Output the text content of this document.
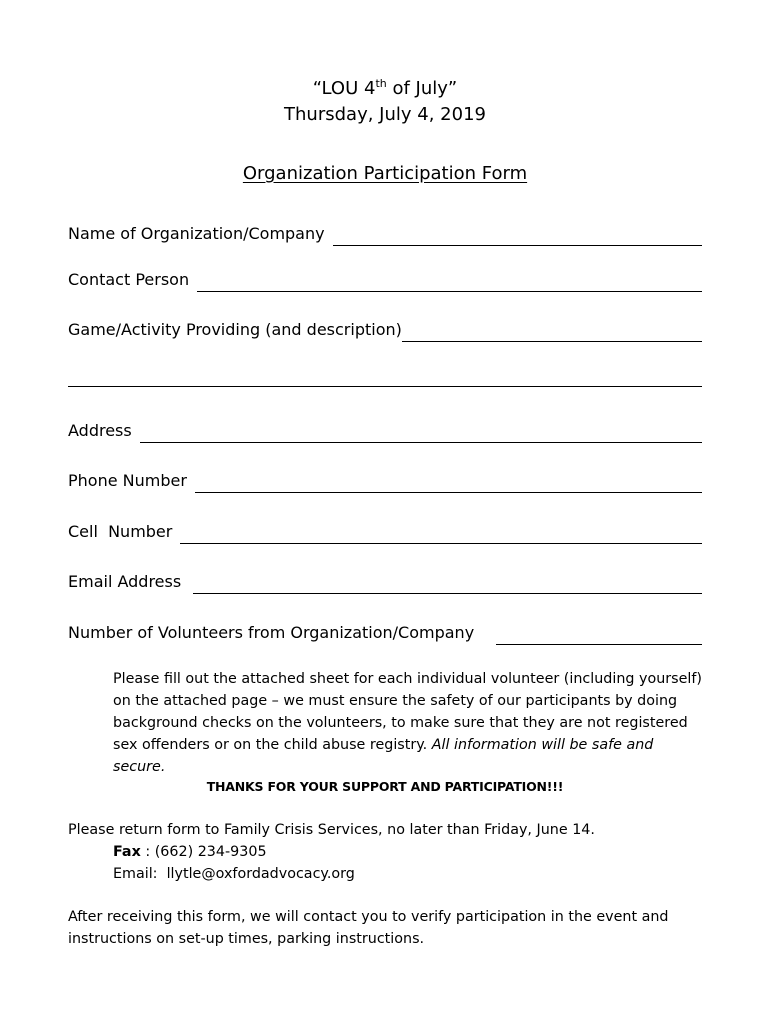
“LOU 4th of July”
Thursday, July 4, 2019
Organization Participation Form
Name of Organization/Company
Contact Person
Game/Activity Providing (and description)
Address
Phone Number
Cell  Number
Email Address
Number of Volunteers from Organization/Company
Please fill out the attached sheet for each individual volunteer (including yourself) on the attached page – we must ensure the safety of our participants by doing background checks on the volunteers, to make sure that they are not registered sex offenders or on the child abuse registry. All information will be safe and secure.
THANKS FOR YOUR SUPPORT AND PARTICIPATION!!!
Please return form to Family Crisis Services, no later than Friday, June 14.
Fax : (662) 234-9305
Email:  llytle@oxfordadvocacy.org
After receiving this form, we will contact you to verify participation in the event and instructions on set-up times, parking instructions.
